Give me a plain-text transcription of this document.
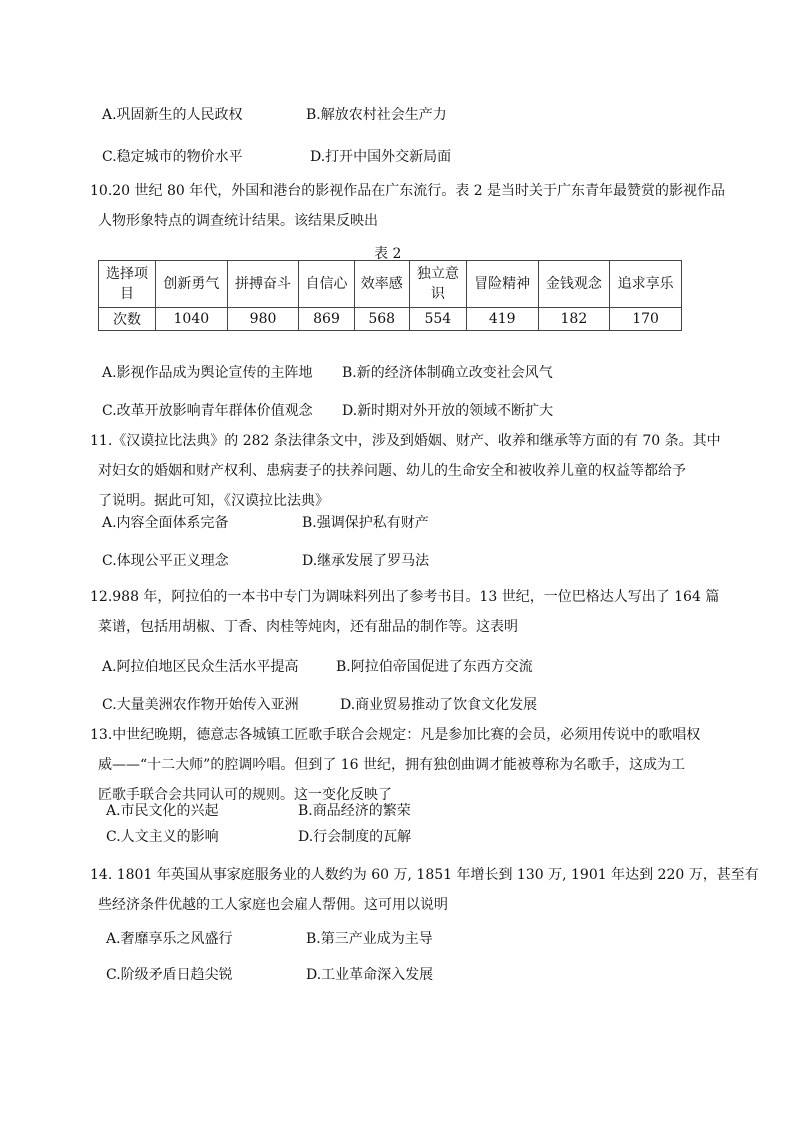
A.巩固新生的人民政权	B.解放农村社会生产力
C.稳定城市的物价水平	D.打开中国外交新局面
10.20 世纪 80 年代，外国和港台的影视作品在广东流行。表 2 是当时关于广东青年最赞赏的影视作品
人物形象特点的调查统计结果。该结果反映出
表 2
选择项目	创新勇气	拼搏奋斗	自信心	效率感	独立意识	冒险精神	金钱观念	追求享乐
次数	1040	980	869	568	554	419	182	170
A.影视作品成为舆论宣传的主阵地 B.新的经济体制确立改变社会风气
C.改革开放影响青年群体价值观念 D.新时期对外开放的领域不断扩大
11.《汉谟拉比法典》的 282 条法律条文中，涉及到婚姻、财产、收养和继承等方面的有 70 条。其中
对妇女的婚姻和财产权利、患病妻子的扶养问题、幼儿的生命安全和被收养儿童的权益等都给予
了说明。据此可知，《汉谟拉比法典》
A.内容全面体系完备	B.强调保护私有财产
C.体现公平正义理念	D.继承发展了罗马法
12.988 年，阿拉伯的一本书中专门为调味料列出了参考书目。13 世纪，一位巴格达人写出了 164 篇
菜谱，包括用胡椒、丁香、肉桂等炖肉，还有甜品的制作等。这表明
A.阿拉伯地区民众生活水平提高	B.阿拉伯帝国促进了东西方交流
C.大量美洲农作物开始传入亚洲	D.商业贸易推动了饮食文化发展
13.中世纪晚期，德意志各城镇工匠歌手联合会规定：凡是参加比赛的会员，必须用传说中的歌唱权
威——“十二大师”的腔调吟唱。但到了 16 世纪，拥有独创曲调才能被尊称为名歌手，这成为工
匠歌手联合会共同认可的规则。这一变化反映了
A.市民文化的兴起	B.商品经济的繁荣
C.人文主义的影响	D.行会制度的瓦解
14. 1801 年英国从事家庭服务业的人数约为 60 万, 1851 年增长到 130 万, 1901 年达到 220 万，甚至有
些经济条件优越的工人家庭也会雇人帮佣。这可用以说明
A.奢靡享乐之风盛行	B.第三产业成为主导
C.阶级矛盾日趋尖锐	D.工业革命深入发展
